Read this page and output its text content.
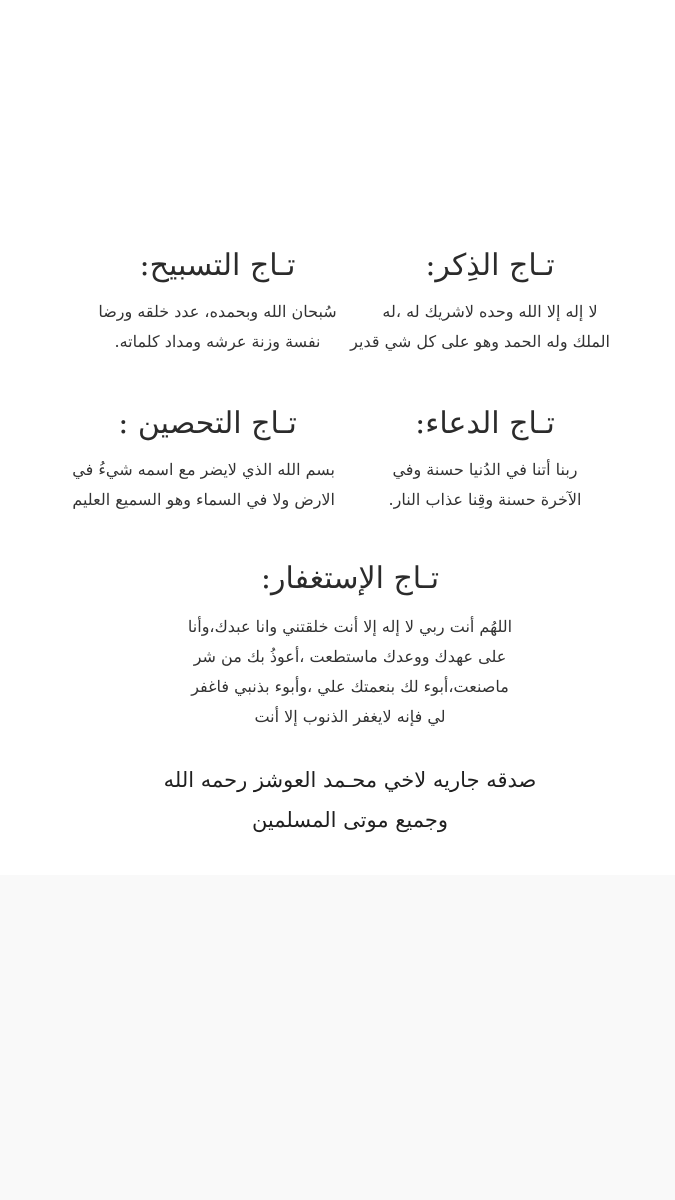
تـاج الذِكر:
لا إله إلا الله وحده لاشريك له ،له
الملك وله الحمد وهو على كل شي قدير
تـاج التسبيح:
سُبحان الله وبحمده، عدد خلقه ورضا
نفسة وزنة عرشه ومداد كلماته.
تـاج الدعاء:
ربنا أتنا في الدُنيا حسنة وفي
الآخرة حسنة وقِنا عذاب النار.
تـاج التحصين :
بسم الله الذي لايضر مع اسمه شيءُ في
الارض ولا في السماء وهو السميع العليم
تـاج الإستغفار:
اللهُم أنت ربي لا إله إلا أنت خلقتني وانا عبدك،وأنا
على عهدك ووعدك ماستطعت ،أعوذُ بك من شر
ماصنعت،أبوء لك بنعمتك علي ،وأبوء بذنبي فاغفر
لي فإنه لايغفر الذنوب إلا أنت
صدقه جاريه لاخي محـمد العوشز رحمه الله
وجميع موتى المسلمين
